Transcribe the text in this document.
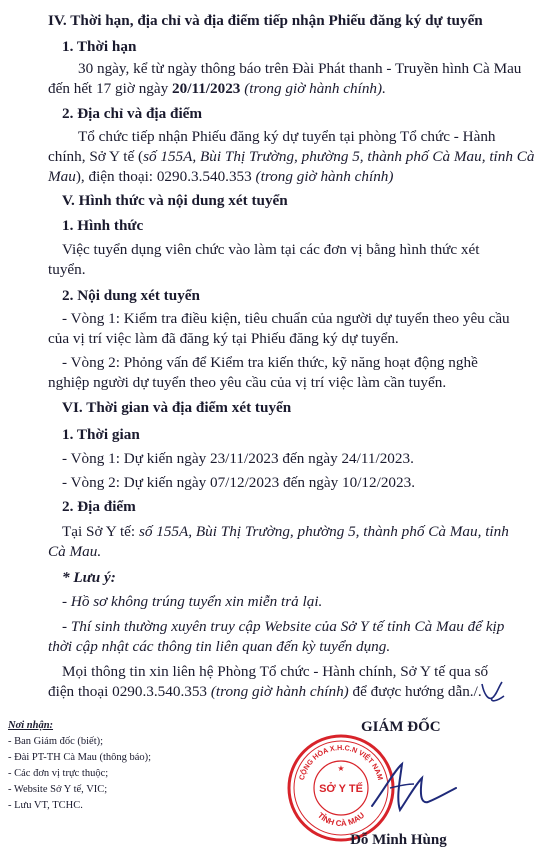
IV. Thời hạn, địa chỉ và địa điểm tiếp nhận Phiếu đăng ký dự tuyển
1. Thời hạn
30 ngày, kể từ ngày thông báo trên Đài Phát thanh - Truyền hình Cà Mau
đến hết 17 giờ ngày 20/11/2023 (trong giờ hành chính).
2. Địa chỉ và địa điểm
Tổ chức tiếp nhận Phiếu đăng ký dự tuyển tại phòng Tổ chức - Hành
chính, Sở Y tế (số 155A, Bùi Thị Trường, phường 5, thành phố Cà Mau, tỉnh Cà
Mau), điện thoại: 0290.3.540.353 (trong giờ hành chính)
V. Hình thức và nội dung xét tuyển
1. Hình thức
Việc tuyển dụng viên chức vào làm tại các đơn vị bằng hình thức xét
tuyển.
2. Nội dung xét tuyển
- Vòng 1: Kiểm tra điều kiện, tiêu chuẩn của người dự tuyển theo yêu cầu
của vị trí việc làm đã đăng ký tại Phiếu đăng ký dự tuyển.
- Vòng 2: Phỏng vấn để Kiểm tra kiến thức, kỹ năng hoạt động nghề
nghiệp người dự tuyển theo yêu cầu của vị trí việc làm cần tuyển.
VI. Thời gian và địa điểm xét tuyển
1. Thời gian
- Vòng 1: Dự kiến ngày 23/11/2023 đến ngày 24/11/2023.
- Vòng 2: Dự kiến ngày 07/12/2023 đến ngày 10/12/2023.
2. Địa điểm
Tại Sở Y tế: số 155A, Bùi Thị Trường, phường 5, thành phố Cà Mau, tỉnh
Cà Mau.
* Lưu ý:
- Hồ sơ không trúng tuyển xin miễn trả lại.
- Thí sinh thường xuyên truy cập Website của Sở Y tế tỉnh Cà Mau để kịp
thời cập nhật các thông tin liên quan đến kỳ tuyển dụng.
Mọi thông tin xin liên hệ Phòng Tổ chức - Hành chính, Sở Y tế qua số
điện thoại 0290.3.540.353 (trong giờ hành chính) để được hướng dẫn./.
Nơi nhận:
- Ban Giám đốc (biết);
- Đài PT-TH Cà Mau (thông báo);
- Các đơn vị trực thuộc;
- Website Sở Y tế, VIC;
- Lưu VT, TCHC.
GIÁM ĐỐC
CỘNG HÒA X.H.C.N VIỆT NAM
SỞ Y TẾ
TỈNH CÀ MAU
★
Đỗ Minh Hùng
